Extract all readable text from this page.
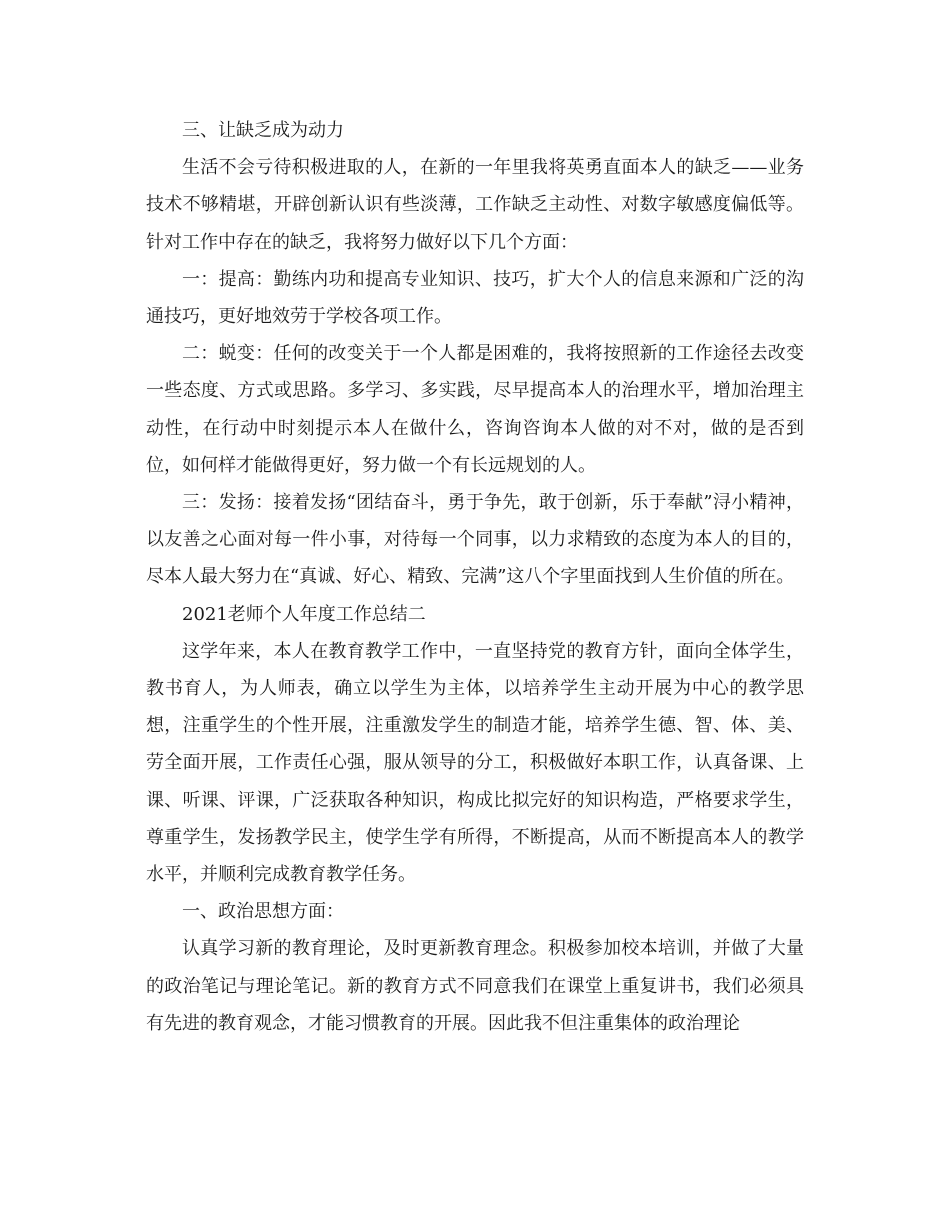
三、让缺乏成为动力

生活不会亏待积极进取的人，在新的一年里我将英勇直面本人的缺乏——业务技术不够精堪，开辟创新认识有些淡薄，工作缺乏主动性、对数字敏感度偏低等。针对工作中存在的缺乏，我将努力做好以下几个方面：

一：提高：勤练内功和提高专业知识、技巧，扩大个人的信息来源和广泛的沟通技巧，更好地效劳于学校各项工作。

二：蜕变：任何的改变关于一个人都是困难的，我将按照新的工作途径去改变一些态度、方式或思路。多学习、多实践，尽早提高本人的治理水平，增加治理主动性，在行动中时刻提示本人在做什么，咨询咨询本人做的对不对，做的是否到位，如何样才能做得更好，努力做一个有长远规划的人。

三：发扬：接着发扬“团结奋斗，勇于争先，敢于创新，乐于奉献”浔小精神，以友善之心面对每一件小事，对待每一个同事，以力求精致的态度为本人的目的，尽本人最大努力在“真诚、好心、精致、完满”这八个字里面找到人生价值的所在。

2021老师个人年度工作总结二

这学年来，本人在教育教学工作中，一直坚持党的教育方针，面向全体学生，教书育人，为人师表，确立以学生为主体，以培养学生主动开展为中心的教学思想，注重学生的个性开展，注重激发学生的制造才能，培养学生德、智、体、美、劳全面开展，工作责任心强，服从领导的分工，积极做好本职工作，认真备课、上课、听课、评课，广泛获取各种知识，构成比拟完好的知识构造，严格要求学生，尊重学生，发扬教学民主，使学生学有所得，不断提高，从而不断提高本人的教学水平，并顺利完成教育教学任务。

一、政治思想方面：

认真学习新的教育理论，及时更新教育理念。积极参加校本培训，并做了大量的政治笔记与理论笔记。新的教育方式不同意我们在课堂上重复讲书，我们必须具有先进的教育观念，才能习惯教育的开展。因此我不但注重集体的政治理论
